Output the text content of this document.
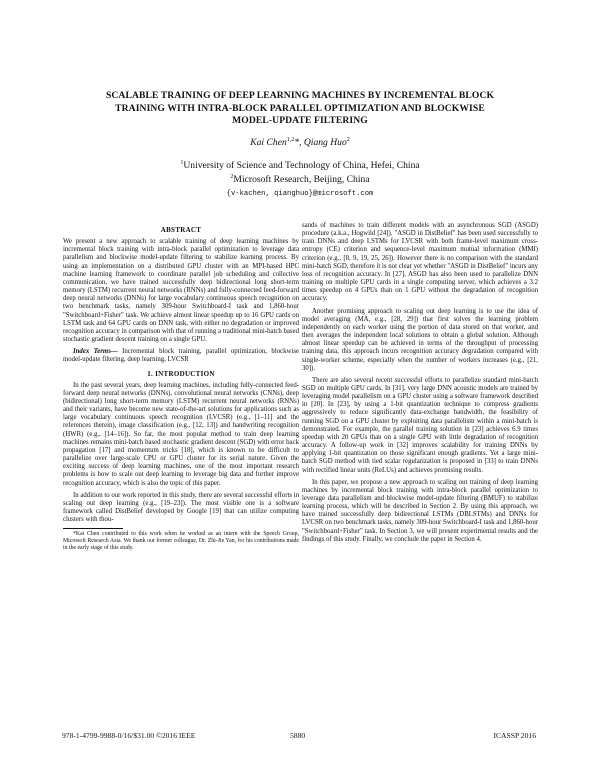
SCALABLE TRAINING OF DEEP LEARNING MACHINES BY INCREMENTAL BLOCK
TRAINING WITH INTRA-BLOCK PARALLEL OPTIMIZATION AND BLOCKWISE
MODEL-UPDATE FILTERING
Kai Chen$^{1,2}$*, Qiang Huo$^2$
$^1$University of Science and Technology of China, Hefei, China
$^2$Microsoft Research, Beijing, China
{v-kachen, qianghuo}@microsoft.com
ABSTRACT

We present a new approach to scalable training of deep learning machines by incremental block training with intra-block parallel optimization to leverage data parallelism and blockwise model-update filtering to stabilize learning process. By using an implementation on a distributed GPU cluster with an MPI-based HPC machine learning framework to coordinate parallel job scheduling and collective communication, we have trained successfully deep bidirectional long short-term memory (LSTM) recurrent neural networks (RNNs) and fully-connected feed-forward deep neural networks (DNNs) for large vocabulary continuous speech recognition on two benchmark tasks, namely 309-hour Switchboard-I task and 1,860-hour "Switchboard+Fisher" task. We achieve almost linear speedup up to 16 GPU cards on LSTM task and 64 GPU cards on DNN task, with either no degradation or improved recognition accuracy in comparison with that of running a traditional mini-batch based stochastic gradient descent training on a single GPU.

Index Terms— Incremental block training, parallel optimization, blockwise model-update filtering, deep learning, LVCSR

1. INTRODUCTION

In the past several years, deep learning machines, including fully-connected feed-forward deep neural networks (DNNs), convolutional neural networks (CNNs), deep (bidirectional) long short-term memory (LSTM) recurrent neural networks (RNNs) and their variants, have become new state-of-the-art solutions for applications such as large vocabulary continuous speech recognition (LVCSR) (e.g., [1–11] and the references therein), image classification (e.g., [12, 13]) and handwriting recognition (HWR) (e.g., [14–16]). So far, the most popular method to train deep learning machines remains mini-batch based stochastic gradient descent (SGD) with error back propagation [17] and momentum tricks [18], which is known to be difficult to parallelize over large-scale CPU or GPU cluster for its serial nature. Given the exciting success of deep learning machines, one of the most important research problems is how to scale out deep learning to leverage big data and further improve recognition accuracy, which is also the topic of this paper.

In addition to our work reported in this study, there are several successful efforts in scaling out deep learning (e.g., [19–23]). The most visible one is a software framework called DistBelief developed by Google [19] that can utilize computing clusters with thou-

*Kai Chen contributed to this work when he worked as an intern with the Speech Group, Microsoft Research Asia. We thank our former colleague, Dr. Zhi-Jie Yan, for his contributions made in the early stage of this study.

sands of machines to train different models with an asynchronous SGD (ASGD) procedure (a.k.a., Hogwild [24]). "ASGD in DistBelief" has been used successfully to train DNNs and deep LSTMs for LVCSR with both frame-level maximum cross-entropy (CE) criterion and sequence-level maximum mutual information (MMI) criterion (e.g., [8, 9, 19, 25, 26]). However there is no comparison with the standard mini-batch SGD, therefore it is not clear yet whether "ASGD in DistBelief" incurs any loss of recognition accuracy. In [27], ASGD has also been used to parallelize DNN training on multiple GPU cards in a single computing server, which achieves a 3.2 times speedup on 4 GPUs than on 1 GPU without the degradation of recognition accuracy.

Another promising approach to scaling out deep learning is to use the idea of model averaging (MA, e.g., [28, 29]) that first solves the learning problem independently on each worker using the portion of data stored on that worker, and then averages the independent local solutions to obtain a global solution. Although almost linear speedup can be achieved in terms of the throughput of processing training data, this approach incurs recognition accuracy degradation compared with single-worker scheme, especially when the number of workers increases (e.g., [21, 30]).

There are also several recent successful efforts to parallelize standard mini-batch SGD on multiple GPU cards. In [31], very large DNN acoustic models are trained by leveraging model parallelism on a GPU cluster using a software framework described in [20]. In [23], by using a 1-bit quantization technique to compress gradients aggressively to reduce significantly data-exchange bandwidth, the feasibility of running SGD on a GPU cluster by exploiting data parallelism within a mini-batch is demonstrated. For example, the parallel training solution in [23] achieves 6.9 times speedup with 20 GPUs than on a single GPU with little degradation of recognition accuracy. A follow-up work in [32] improves scalability for training DNNs by applying 1-bit quantization on those significant enough gradients. Yet a large mini-batch SGD method with tied scalar regularization is proposed in [33] to train DNNs with rectified linear units (ReLUs) and achieves promising results.

In this paper, we propose a new approach to scaling out training of deep learning machines by incremental block training with intra-block parallel optimization to leverage data parallelism and blockwise model-update filtering (BMUF) to stabilize learning process, which will be described in Section 2. By using this approach, we have trained successfully deep bidirectional LSTMs (DBLSTMs) and DNNs for LVCSR on two benchmark tasks, namely 309-hour Switchboard-I task and 1,860-hour "Switchboard+Fisher" task. In Section 3, we will present experimental results and the findings of this study. Finally, we conclude the paper in Section 4.

978-1-4799-9988-0/16/$31.00 ©2016 IEEE	5880	ICASSP 2016
